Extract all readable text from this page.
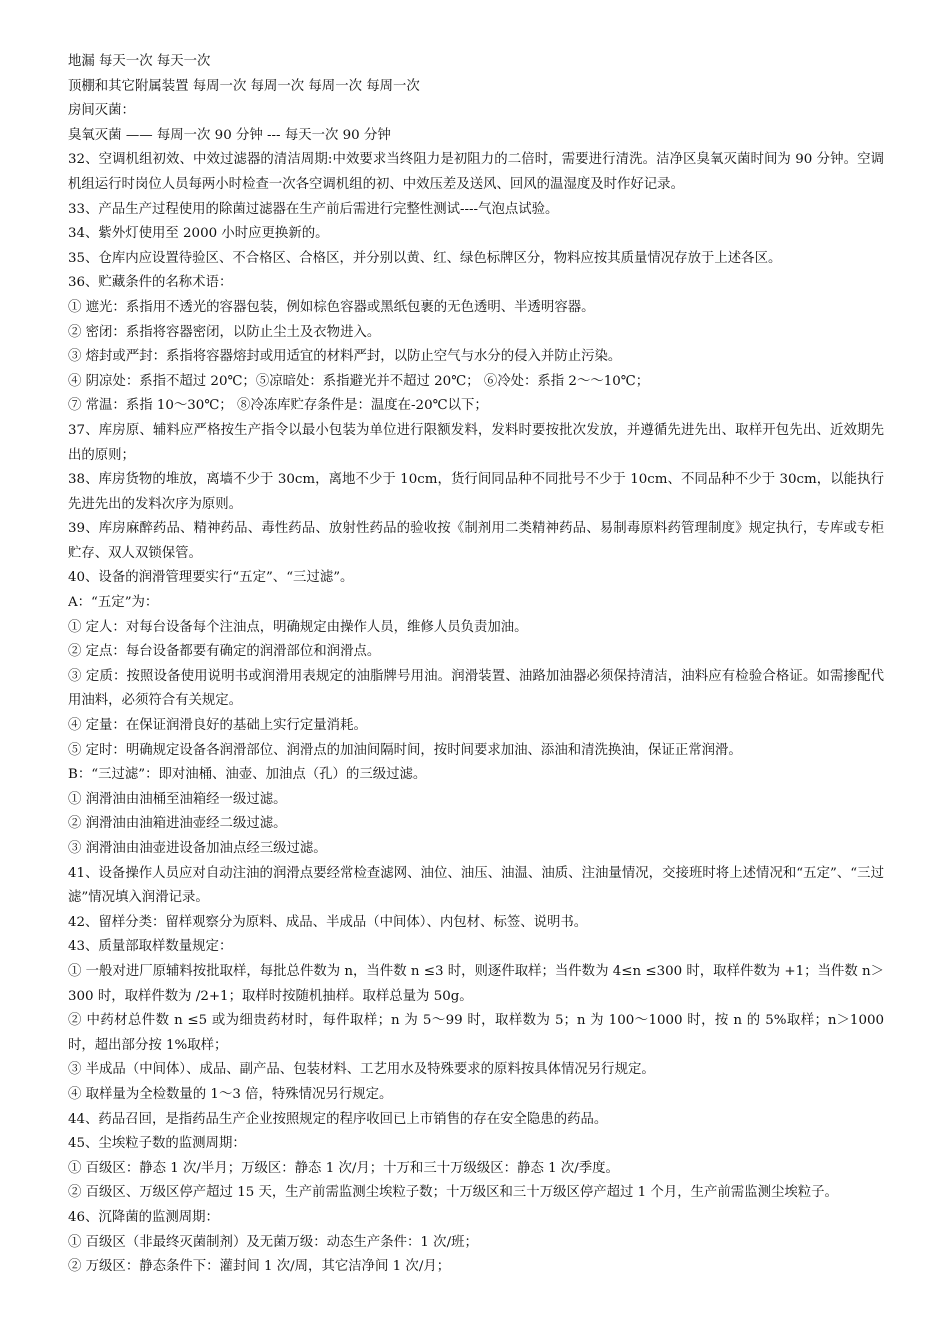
地漏 每天一次 每天一次
顶棚和其它附属装置 每周一次 每周一次 每周一次 每周一次
房间灭菌：
臭氧灭菌 —— 每周一次 90 分钟 --- 每天一次 90 分钟
32、空调机组初效、中效过滤器的清洁周期:中效要求当终阻力是初阻力的二倍时，需要进行清洗。洁净区臭氧灭菌时间为 90 分钟。空调机组运行时岗位人员每两小时检查一次各空调机组的初、中效压差及送风、回风的温湿度及时作好记录。
33、产品生产过程使用的除菌过滤器在生产前后需进行完整性测试----气泡点试验。
34、紫外灯使用至 2000 小时应更换新的。
35、仓库内应设置待验区、不合格区、合格区，并分别以黄、红、绿色标牌区分，物料应按其质量情况存放于上述各区。
36、贮藏条件的名称术语：
① 遮光：系指用不透光的容器包装，例如棕色容器或黑纸包裹的无色透明、半透明容器。
② 密闭：系指将容器密闭，以防止尘土及衣物进入。
③ 熔封或严封：系指将容器熔封或用适宜的材料严封，以防止空气与水分的侵入并防止污染。
④ 阴凉处：系指不超过 20℃；⑤凉暗处：系指避光并不超过 20℃； ⑥冷处：系指 2～～10℃；
⑦ 常温：系指 10～30℃； ⑧冷冻库贮存条件是：温度在-20℃以下；
37、库房原、辅料应严格按生产指令以最小包装为单位进行限额发料，发料时要按批次发放，并遵循先进先出、取样开包先出、近效期先出的原则；
38、库房货物的堆放，离墙不少于 30cm，离地不少于 10cm，货行间同品种不同批号不少于 10cm、不同品种不少于 30cm，以能执行先进先出的发料次序为原则。
39、库房麻醉药品、精神药品、毒性药品、放射性药品的验收按《制剂用二类精神药品、易制毒原料药管理制度》规定执行，专库或专柜贮存、双人双锁保管。
40、设备的润滑管理要实行“五定”、“三过滤”。
A：“五定”为：
① 定人：对每台设备每个注油点，明确规定由操作人员，维修人员负责加油。
② 定点：每台设备都要有确定的润滑部位和润滑点。
③ 定质：按照设备使用说明书或润滑用表规定的油脂牌号用油。润滑装置、油路加油器必须保持清洁，油料应有检验合格证。如需掺配代用油料，必须符合有关规定。
④ 定量：在保证润滑良好的基础上实行定量消耗。
⑤ 定时：明确规定设备各润滑部位、润滑点的加油间隔时间，按时间要求加油、添油和清洗换油，保证正常润滑。
B：“三过滤”：即对油桶、油壶、加油点（孔）的三级过滤。
① 润滑油由油桶至油箱经一级过滤。
② 润滑油由油箱进油壶经二级过滤。
③ 润滑油由油壶进设备加油点经三级过滤。
41、设备操作人员应对自动注油的润滑点要经常检查滤网、油位、油压、油温、油质、注油量情况，交接班时将上述情况和“五定”、“三过滤”情况填入润滑记录。
42、留样分类：留样观察分为原料、成品、半成品（中间体）、内包材、标签、说明书。
43、质量部取样数量规定：
① 一般对进厂原辅料按批取样，每批总件数为 n，当件数 n ≤3 时，则逐件取样；当件数为 4≤n ≤300 时，取样件数为 +1；当件数 n＞300 时，取样件数为 /2+1；取样时按随机抽样。取样总量为 50g。
② 中药材总件数 n ≤5 或为细贵药材时，每件取样；n 为 5～99 时，取样数为 5；n 为 100～1000 时，按 n 的 5%取样；n＞1000 时，超出部分按 1%取样；
③ 半成品（中间体）、成品、副产品、包装材料、工艺用水及特殊要求的原料按具体情况另行规定。
④ 取样量为全检数量的 1～3 倍，特殊情况另行规定。
44、药品召回，是指药品生产企业按照规定的程序收回已上市销售的存在安全隐患的药品。
45、尘埃粒子数的监测周期：
① 百级区：静态 1 次/半月；万级区：静态 1 次/月；十万和三十万级级区：静态 1 次/季度。
② 百级区、万级区停产超过 15 天，生产前需监测尘埃粒子数；十万级区和三十万级区停产超过 1 个月，生产前需监测尘埃粒子。
46、沉降菌的监测周期：
① 百级区（非最终灭菌制剂）及无菌万级：动态生产条件：1 次/班；
② 万级区：静态条件下：灌封间 1 次/周，其它洁净间 1 次/月；
